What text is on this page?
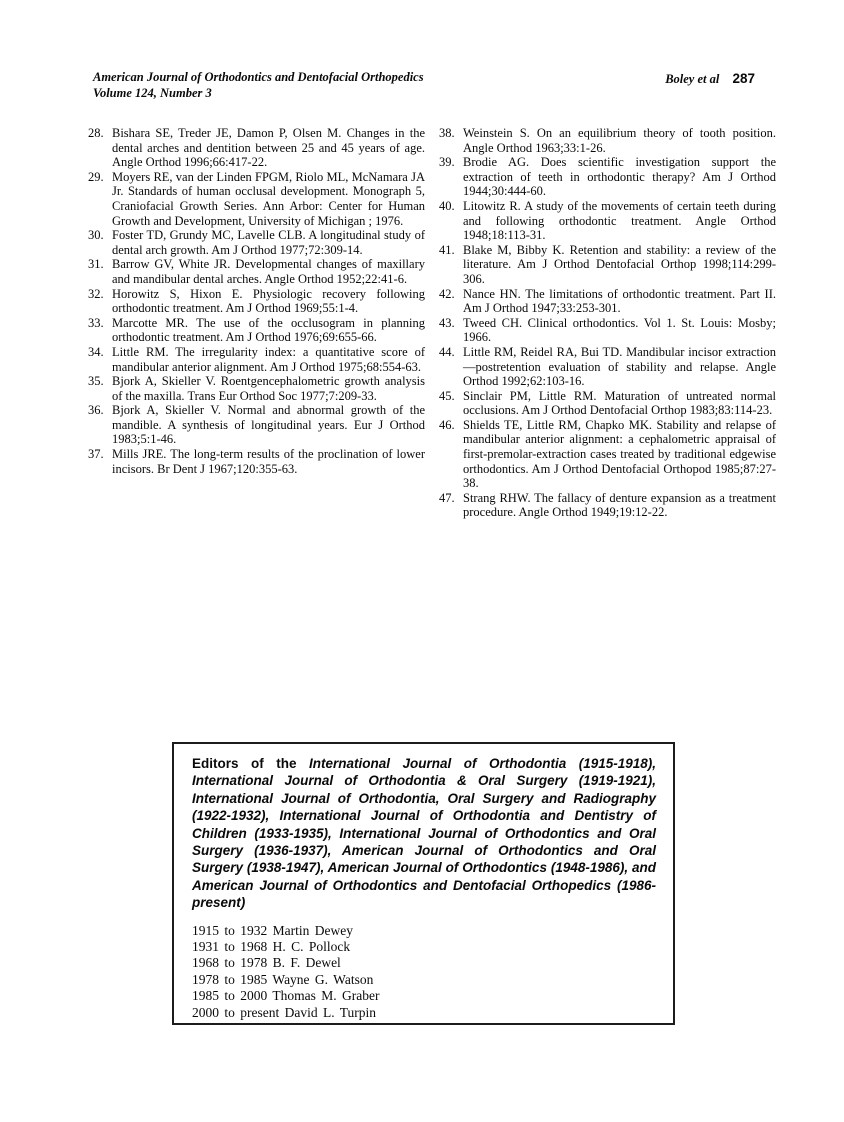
American Journal of Orthodontics and Dentofacial Orthopedics
Volume 124, Number 3
Boley et al 287
28. Bishara SE, Treder JE, Damon P, Olsen M. Changes in the dental arches and dentition between 25 and 45 years of age. Angle Orthod 1996;66:417-22.
29. Moyers RE, van der Linden FPGM, Riolo ML, McNamara JA Jr. Standards of human occlusal development. Monograph 5, Craniofacial Growth Series. Ann Arbor: Center for Human Growth and Development, University of Michigan ; 1976.
30. Foster TD, Grundy MC, Lavelle CLB. A longitudinal study of dental arch growth. Am J Orthod 1977;72:309-14.
31. Barrow GV, White JR. Developmental changes of maxillary and mandibular dental arches. Angle Orthod 1952;22:41-6.
32. Horowitz S, Hixon E. Physiologic recovery following orthodontic treatment. Am J Orthod 1969;55:1-4.
33. Marcotte MR. The use of the occlusogram in planning orthodontic treatment. Am J Orthod 1976;69:655-66.
34. Little RM. The irregularity index: a quantitative score of mandibular anterior alignment. Am J Orthod 1975;68:554-63.
35. Bjork A, Skieller V. Roentgencephalometric growth analysis of the maxilla. Trans Eur Orthod Soc 1977;7:209-33.
36. Bjork A, Skieller V. Normal and abnormal growth of the mandible. A synthesis of longitudinal years. Eur J Orthod 1983;5:1-46.
37. Mills JRE. The long-term results of the proclination of lower incisors. Br Dent J 1967;120:355-63.
38. Weinstein S. On an equilibrium theory of tooth position. Angle Orthod 1963;33:1-26.
39. Brodie AG. Does scientific investigation support the extraction of teeth in orthodontic therapy? Am J Orthod 1944;30:444-60.
40. Litowitz R. A study of the movements of certain teeth during and following orthodontic treatment. Angle Orthod 1948;18:113-31.
41. Blake M, Bibby K. Retention and stability: a review of the literature. Am J Orthod Dentofacial Orthop 1998;114:299-306.
42. Nance HN. The limitations of orthodontic treatment. Part II. Am J Orthod 1947;33:253-301.
43. Tweed CH. Clinical orthodontics. Vol 1. St. Louis: Mosby; 1966.
44. Little RM, Reidel RA, Bui TD. Mandibular incisor extraction—postretention evaluation of stability and relapse. Angle Orthod 1992;62:103-16.
45. Sinclair PM, Little RM. Maturation of untreated normal occlusions. Am J Orthod Dentofacial Orthop 1983;83:114-23.
46. Shields TE, Little RM, Chapko MK. Stability and relapse of mandibular anterior alignment: a cephalometric appraisal of first-premolar-extraction cases treated by traditional edgewise orthodontics. Am J Orthod Dentofacial Orthopod 1985;87:27-38.
47. Strang RHW. The fallacy of denture expansion as a treatment procedure. Angle Orthod 1949;19:12-22.

Editors of the International Journal of Orthodontia (1915-1918), International Journal of Orthodontia & Oral Surgery (1919-1921), International Journal of Orthodontia, Oral Surgery and Radiography (1922-1932), International Journal of Orthodontia and Dentistry of Children (1933-1935), International Journal of Orthodontics and Oral Surgery (1936-1937), American Journal of Orthodontics and Oral Surgery (1938-1947), American Journal of Orthodontics (1948-1986), and American Journal of Orthodontics and Dentofacial Orthopedics (1986-present)

1915 to 1932 Martin Dewey
1931 to 1968 H. C. Pollock
1968 to 1978 B. F. Dewel
1978 to 1985 Wayne G. Watson
1985 to 2000 Thomas M. Graber
2000 to present David L. Turpin
